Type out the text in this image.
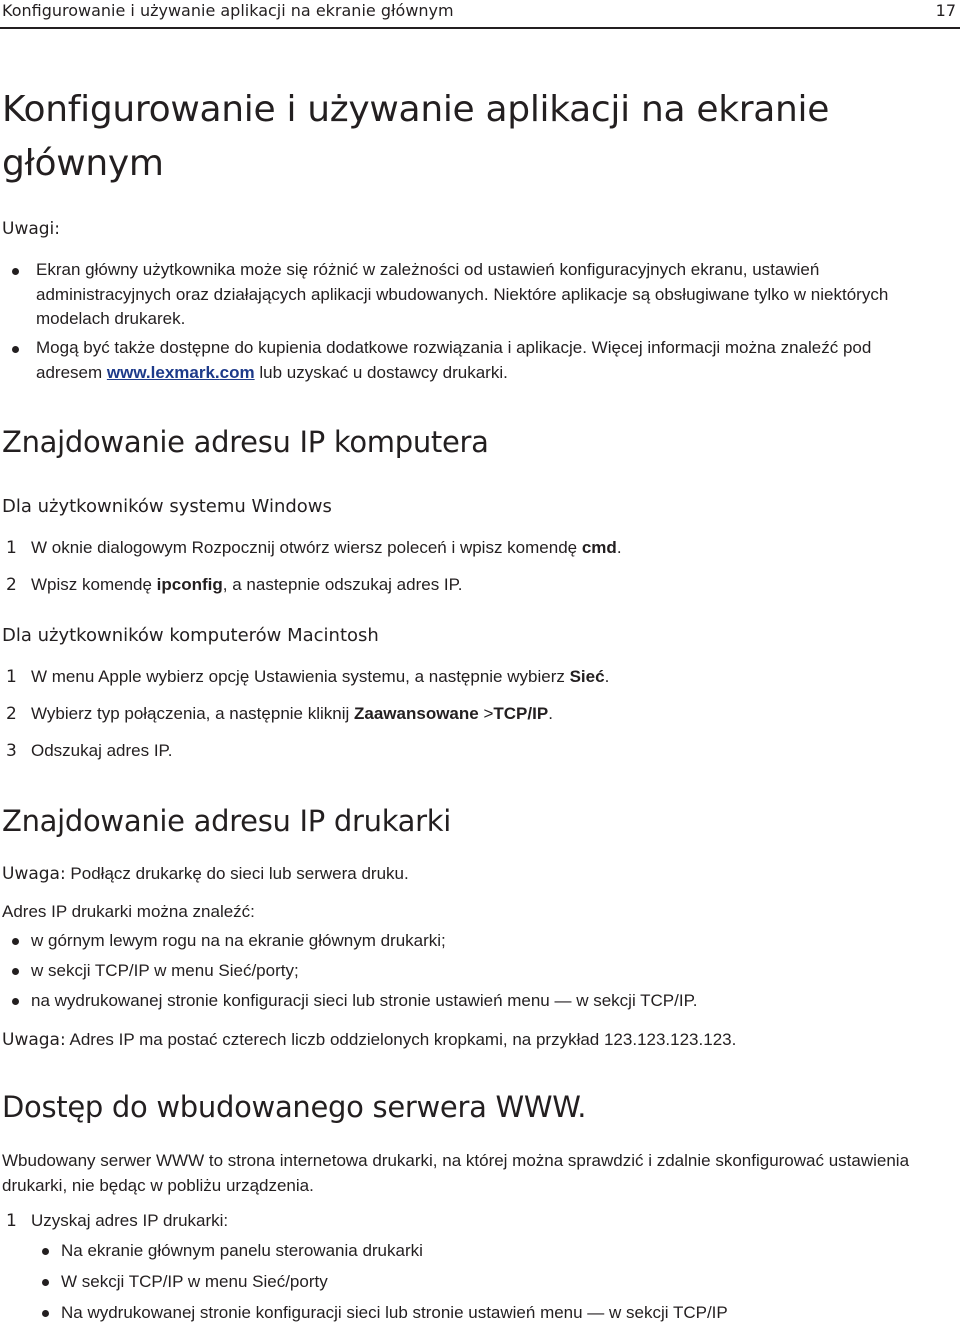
Konfigurowanie i używanie aplikacji na ekranie głównym	17
Konfigurowanie i używanie aplikacji na ekranie głównym
Uwagi:
Ekran główny użytkownika może się różnić w zależności od ustawień konfiguracyjnych ekranu, ustawień administracyjnych oraz działających aplikacji wbudowanych. Niektóre aplikacje są obsługiwane tylko w niektórych modelach drukarek.
Mogą być także dostępne do kupienia dodatkowe rozwiązania i aplikacje. Więcej informacji można znaleźć pod adresem www.lexmark.com lub uzyskać u dostawcy drukarki.
Znajdowanie adresu IP komputera
Dla użytkowników systemu Windows
1 W oknie dialogowym Rozpocznij otwórz wiersz poleceń i wpisz komendę cmd.
2 Wpisz komendę ipconfig, a nastepnie odszukaj adres IP.
Dla użytkowników komputerów Macintosh
1 W menu Apple wybierz opcję Ustawienia systemu, a następnie wybierz Sieć.
2 Wybierz typ połączenia, a następnie kliknij Zaawansowane >TCP/IP.
3 Odszukaj adres IP.
Znajdowanie adresu IP drukarki
Uwaga: Podłącz drukarkę do sieci lub serwera druku.
Adres IP drukarki można znaleźć:
w górnym lewym rogu na na ekranie głównym drukarki;
w sekcji TCP/IP w menu Sieć/porty;
na wydrukowanej stronie konfiguracji sieci lub stronie ustawień menu — w sekcji TCP/IP.
Uwaga: Adres IP ma postać czterech liczb oddzielonych kropkami, na przykład 123.123.123.123.
Dostęp do wbudowanego serwera WWW.
Wbudowany serwer WWW to strona internetowa drukarki, na której można sprawdzić i zdalnie skonfigurować ustawienia drukarki, nie będąc w pobliżu urządzenia.
1 Uzyskaj adres IP drukarki:
Na ekranie głównym panelu sterowania drukarki
W sekcji TCP/IP w menu Sieć/porty
Na wydrukowanej stronie konfiguracji sieci lub stronie ustawień menu — w sekcji TCP/IP
